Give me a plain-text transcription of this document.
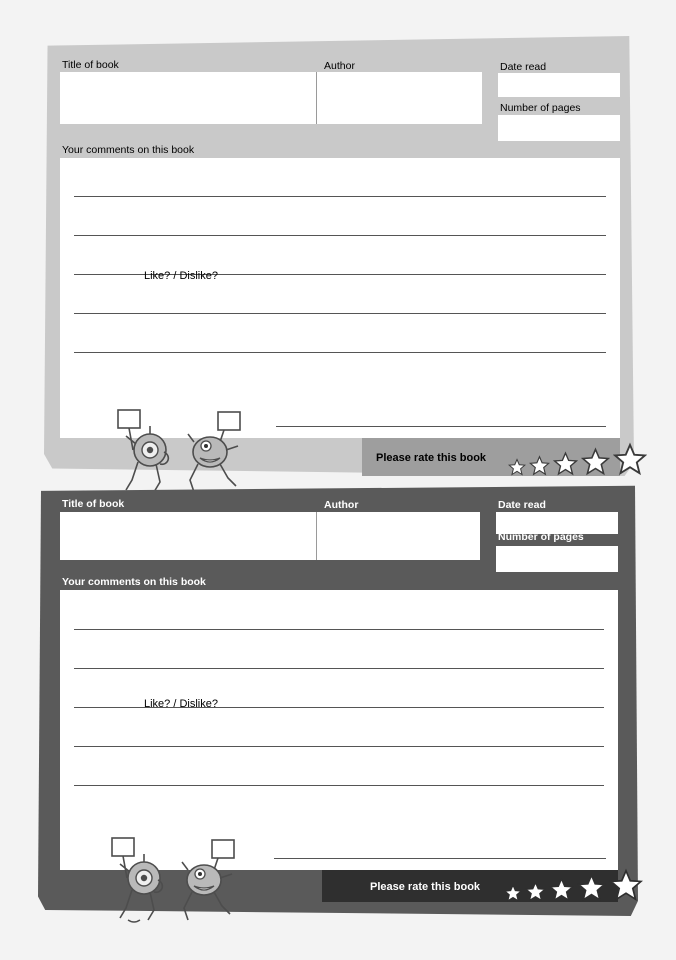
Title of book	Author	Date read
Number of pages
Your comments on this book
Like? / Dislike?
Please rate this book
Title of book	Author	Date read
Number of pages
Your comments on this book
Like? / Dislike?
Please rate this book
